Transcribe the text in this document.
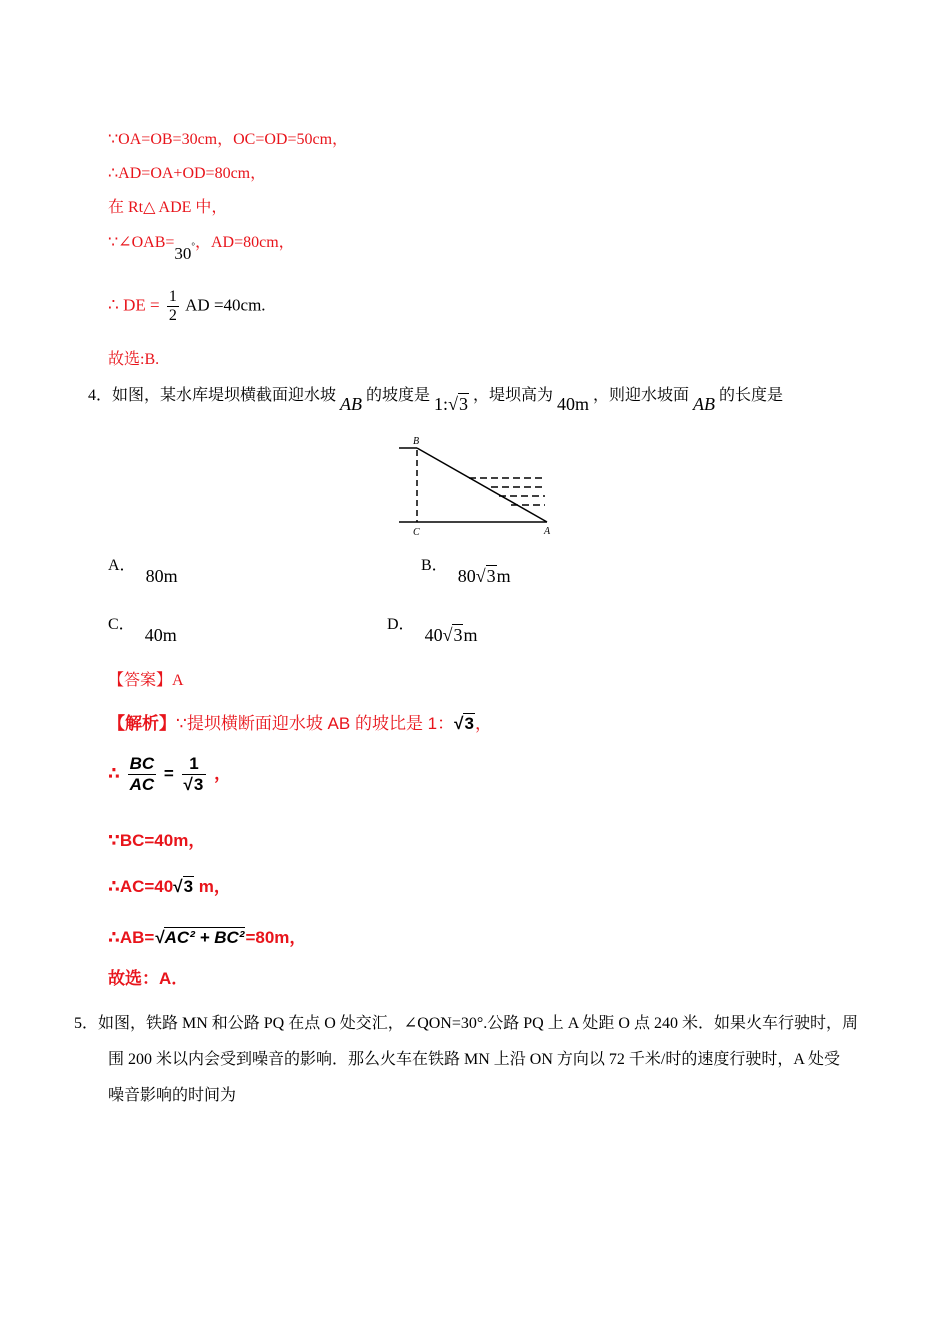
∵OA=OB=30cm，OC=OD=50cm，
∴AD=OA+OD=80cm，
在 Rt△ ADE 中，
∵∠OAB=30°，AD=80cm，
∴ DE = $\frac{1}{2}$ AD =40cm.
故选:B.
4．如图，某水库堤坝横截面迎水坡 AB 的坡度是 1:√3 ，堤坝高为 40m ，则迎水坡面 AB 的长度是
B
C	A
A． 80m
B． 80√3m
C． 40m
D． 40√3m
【答案】A
【解析】∵提坝横断面迎水坡 AB 的坡比是 1：√3，
∴ $\frac{BC}{AC} = \frac{1}{√3}$ ，
∵BC=40m，
∴AC=40√3 m，
∴AB=√AC² + BC²=80m，
故选：A．
5．如图，铁路 MN 和公路 PQ 在点 O 处交汇，∠QON=30°.公路 PQ 上 A 处距 O 点 240 米．如果火车行驶时，周
围 200 米以内会受到噪音的影响．那么火车在铁路 MN 上沿 ON 方向以 72 千米/时的速度行驶时，A 处受
噪音影响的时间为
